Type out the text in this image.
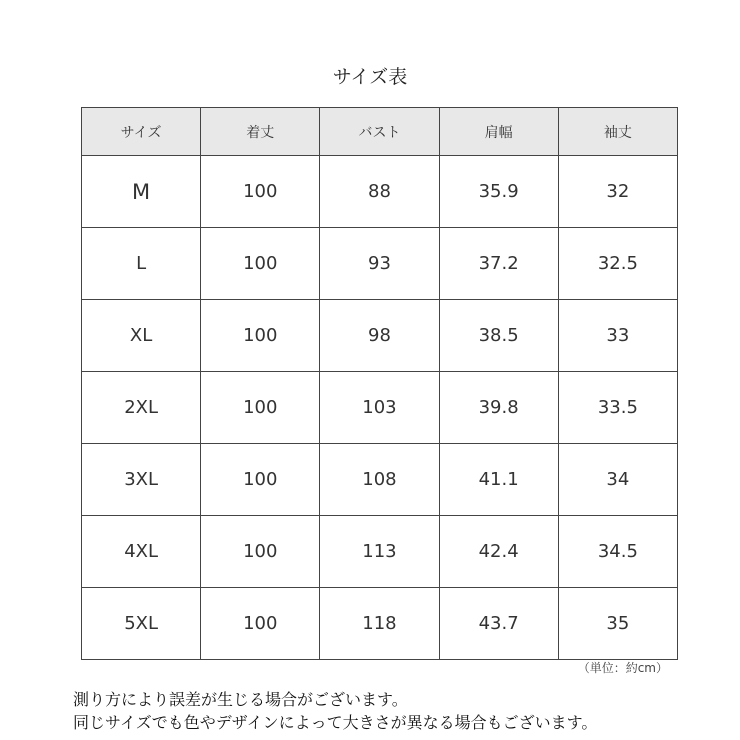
サイズ表
サイズ	着丈	バスト	肩幅	袖丈
M	100	88	35.9	32
L	100	93	37.2	32.5
XL	100	98	38.5	33
2XL	100	103	39.8	33.5
3XL	100	108	41.1	34
4XL	100	113	42.4	34.5
5XL	100	118	43.7	35
（単位：約cm）
測り方により誤差が生じる場合がございます。
同じサイズでも色やデザインによって大きさが異なる場合もございます。
